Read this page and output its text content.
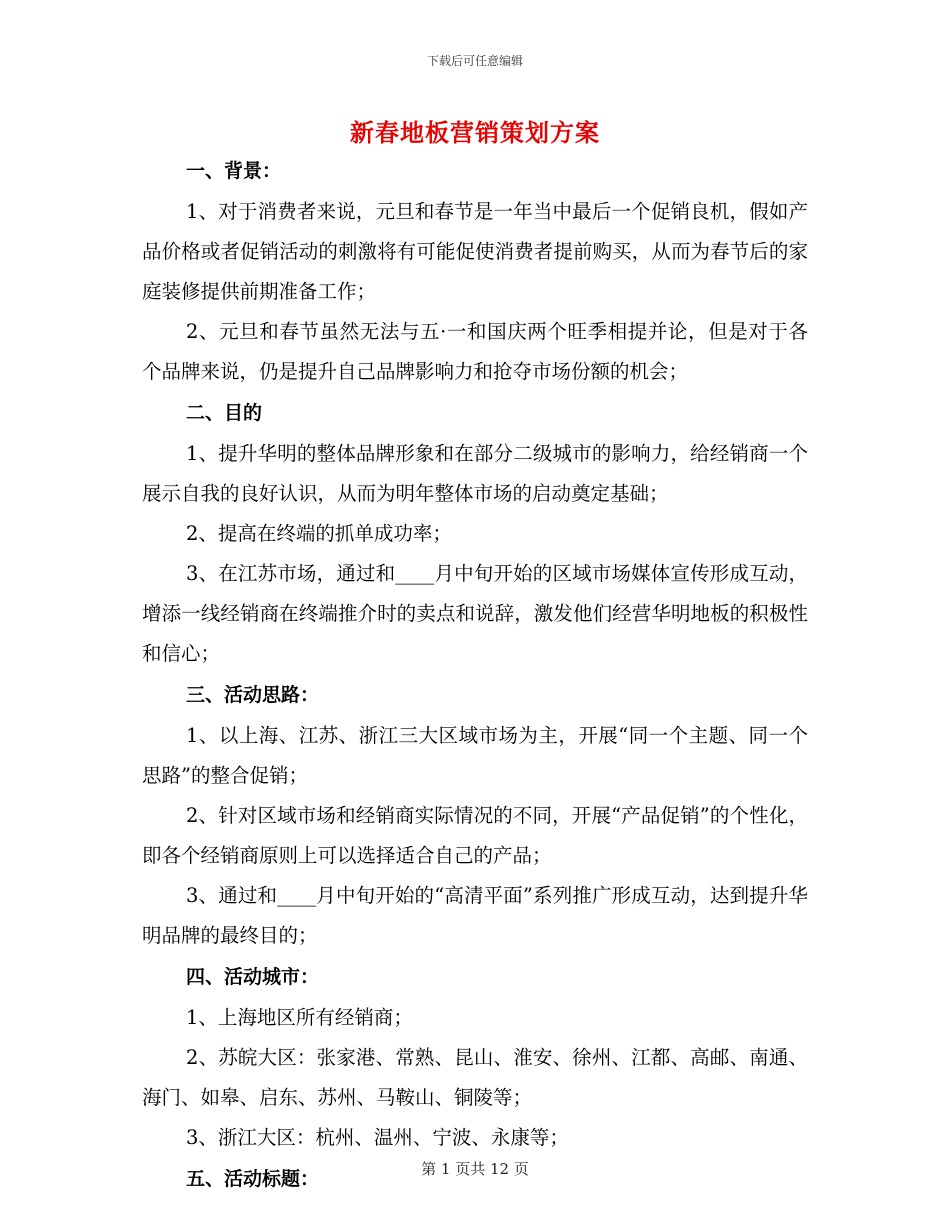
下载后可任意编辑
新春地板营销策划方案
一、背景：
1、对于消费者来说，元旦和春节是一年当中最后一个促销良机，假如产品价格或者促销活动的刺激将有可能促使消费者提前购买，从而为春节后的家庭装修提供前期准备工作；
2、元旦和春节虽然无法与五·一和国庆两个旺季相提并论，但是对于各个品牌来说，仍是提升自己品牌影响力和抢夺市场份额的机会；
二、目的
1、提升华明的整体品牌形象和在部分二级城市的影响力，给经销商一个展示自我的良好认识，从而为明年整体市场的启动奠定基础；
2、提高在终端的抓单成功率；
3、在江苏市场，通过和____月中旬开始的区域市场媒体宣传形成互动，增添一线经销商在终端推介时的卖点和说辞，激发他们经营华明地板的积极性和信心；
三、活动思路：
1、以上海、江苏、浙江三大区域市场为主，开展“同一个主题、同一个思路”的整合促销；
2、针对区域市场和经销商实际情况的不同，开展“产品促销”的个性化，即各个经销商原则上可以选择适合自己的产品；
3、通过和____月中旬开始的“高清平面”系列推广形成互动，达到提升华明品牌的最终目的；
四、活动城市：
1、上海地区所有经销商；
2、苏皖大区：张家港、常熟、昆山、淮安、徐州、江都、高邮、南通、海门、如皋、启东、苏州、马鞍山、铜陵等；
3、浙江大区：杭州、温州、宁波、永康等；
五、活动标题：	第 1 页共 12 页
